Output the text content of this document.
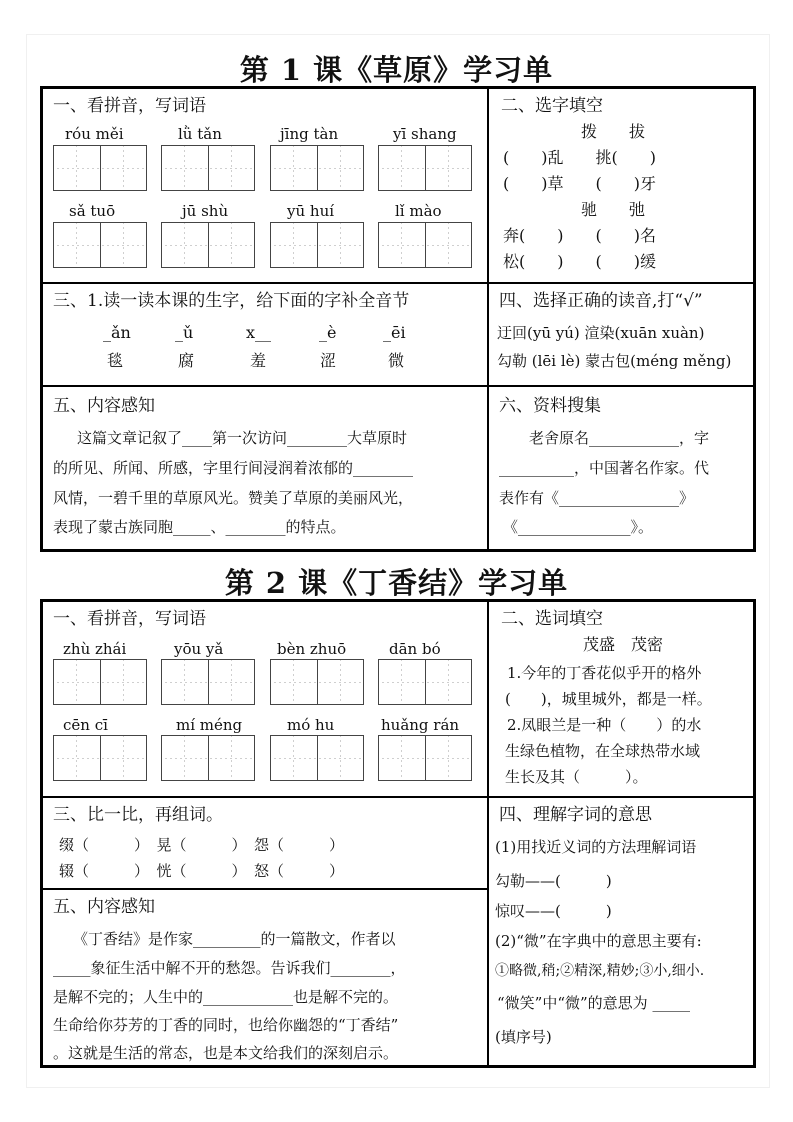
第 1 课《草原》学习单
一、看拼音，写词语
róu měi	lǜ tǎn	jīng tàn	yī shang
sǎ tuō	jū shù	yū huí	lǐ mào
二、选字填空
拨　　拔
(　　)乱　　挑(　　)
(　　)草　　(　　)牙
驰　　弛
奔(　　)　　(　　)名
松(　　)　　(　　)缓
三、1.读一读本课的生字，给下面的字补全音节
_ǎn	_ǔ	x__	_è	_ēi
毯	腐	羞	涩	微
四、选择正确的读音,打“√”
迂回(yū yú) 渲染(xuān xuàn)
勾勒 (lēi lè) 蒙古包(méng měng)
五、内容感知
这篇文章记叙了____第一次访问________大草原时
的所见、所闻、所感，字里行间浸润着浓郁的________
风情，一碧千里的草原风光。赞美了草原的美丽风光，
表现了蒙古族同胞_____、________的特点。
六、资料搜集
老舍原名____________，字
__________，中国著名作家。代
表作有《________________》
《_______________》。
第 2 课《丁香结》学习单
一、看拼音，写词语
zhù zhái	yōu yǎ	bèn zhuō	dān bó
cēn cī	mí méng	mó hu	huǎng rán
二、选词填空
茂盛　茂密
1.今年的丁香花似乎开的格外
(　　)，城里城外，都是一样。
2.凤眼兰是一种（　　）的水
生绿色植物，在全球热带水域
生长及其（　　　）。
三、比一比，再组词。
缀（　　　）　晃（　　　）　怨（　　　）
辍（　　　）　恍（　　　）　怒（　　　）
四、理解字词的意思
(1)用找近义词的方法理解词语
勾勒——(　　　)
惊叹——(　　　)
(2)“微”在字典中的意思主要有:
①略微,稍;②精深,精妙;③小,细小.
“微笑”中“微”的意思为 _____
(填序号)
五、内容感知
《丁香结》是作家_________的一篇散文，作者以
_____象征生活中解不开的愁怨。告诉我们________，
是解不完的；人生中的____________也是解不完的。
生命给你芬芳的丁香的同时，也给你幽怨的“丁香结”
。这就是生活的常态，也是本文给我们的深刻启示。
